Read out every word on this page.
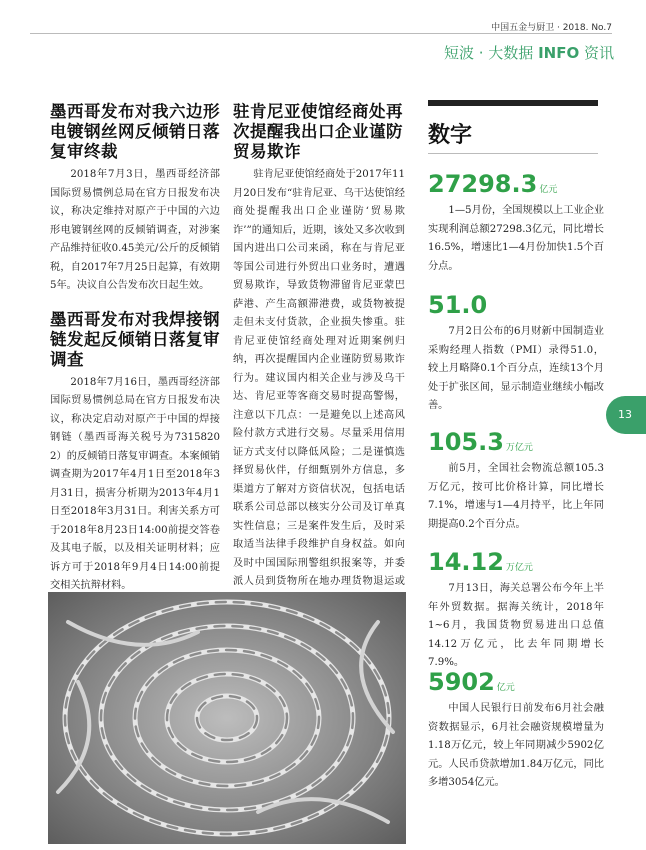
中国五金与厨卫 · 2018. No.7
短波 · 大数据 INFO 资讯
墨西哥发布对我六边形电镀钢丝网反倾销日落复审终裁

2018年7月3日，墨西哥经济部国际贸易惯例总局在官方日报发布决议，称决定维持对原产于中国的六边形电镀钢丝网的反倾销调查，对涉案产品维持征收0.45美元/公斤的反倾销税，自2017年7月25日起算，有效期5年。决议自公告发布次日起生效。

墨西哥发布对我焊接钢链发起反倾销日落复审调查

2018年7月16日，墨西哥经济部国际贸易惯例总局在官方日报发布决议，称决定启动对原产于中国的焊接钢链（墨西哥海关税号为7315820 2）的反倾销日落复审调查。本案倾销调查期为2017年4月1日至2018年3月31日，损害分析期为2013年4月1日至2018年3月31日。利害关系方可于2018年8月23日14:00前提交答卷及其电子版，以及相关证明材料；应诉方可于2018年9月4日14:00前提交相关抗辩材料。

驻肯尼亚使馆经商处再次提醒我出口企业谨防贸易欺诈

驻肯尼亚使馆经商处于2017年11月20日发布“驻肯尼亚、乌干达使馆经商处提醒我出口企业谨防‘贸易欺诈’”的通知后，近期，该处又多次收到国内进出口公司来函，称在与肯尼亚等国公司进行外贸出口业务时，遭遇贸易欺诈，导致货物滞留肯尼亚蒙巴萨港、产生高额滞港费，或货物被提走但未支付货款，企业损失惨重。驻肯尼亚使馆经商处理对近期案例归纳，再次提醒国内企业谨防贸易欺诈行为。建议国内相关企业与涉及乌干达、肯尼亚等客商交易时提高警惕，注意以下几点：一是避免以上述高风险付款方式进行交易。尽量采用信用证方式支付以降低风险；二是谨慎选择贸易伙伴，仔细甄别外方信息，多渠道方了解对方资信状况，包括电话联系公司总部以核实分公司及订单真实性信息；三是案件发生后，及时采取适当法律手段维护自身权益。如向及时中国国际刑警组织报案等，并委派人员到货物所在地办理货物退运或

数字
27298.3 亿元

1—5月份，全国规模以上工业企业实现利润总额27298.3亿元，同比增长16.5%，增速比1—4月份加快1.5个百分点。

51.0

7月2日公布的6月财新中国制造业采购经理人指数（PMI）录得51.0，较上月略降0.1个百分点，连续13个月处于扩张区间，显示制造业继续小幅改善。

105.3 万亿元

前5月，全国社会物流总额105.3万亿元，按可比价格计算，同比增长7.1%，增速与1—4月持平，比上年同期提高0.2个百分点。

14.12 万亿元

7月13日，海关总署公布今年上半年外贸数据。据海关统计，2018年1~6月，我国货物贸易进出口总值14.12万亿元，比去年同期增长7.9%。

5902 亿元

中国人民银行日前发布6月社会融资数据显示，6月社会融资规模增量为1.18万亿元，较上年同期减少5902亿元。人民币贷款增加1.84万亿元，同比多增3054亿元。

13
